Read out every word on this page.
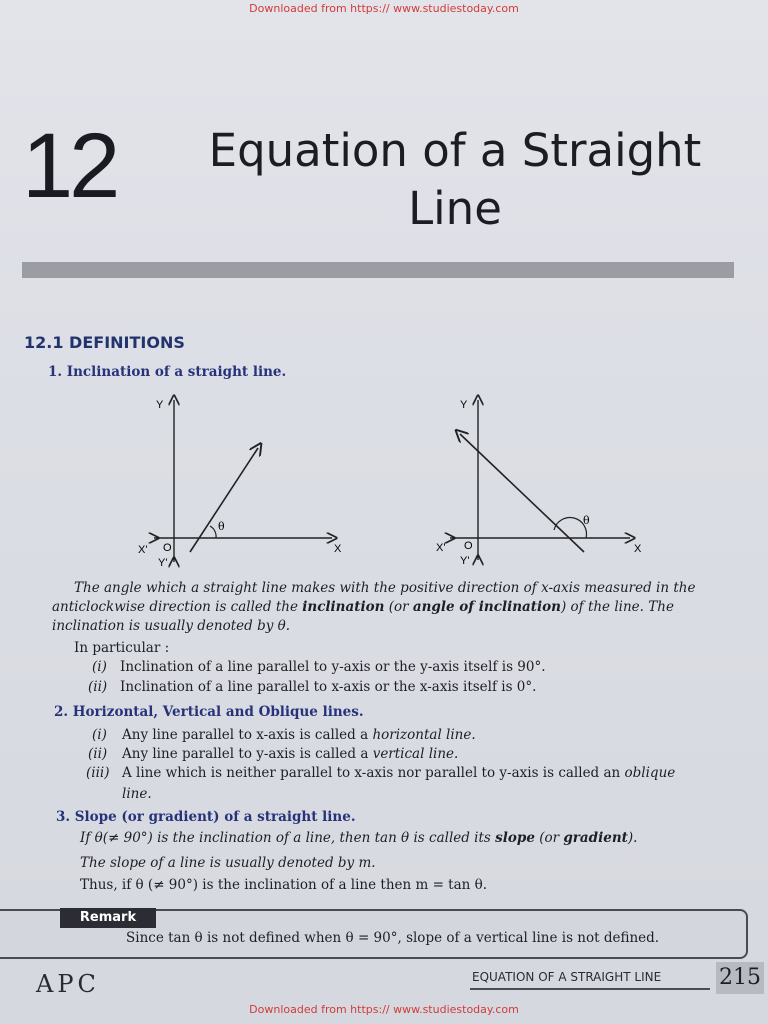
Downloaded from https:// www.studiestoday.com
12	Equation of a Straight
Line
12.1 DEFINITIONS
1. Inclination of a straight line.
Y
Y'
X
X' O
θ
Y
Y'
X
X' O
θ
The angle which a straight line makes with the positive direction of x-axis measured in the
anticlockwise direction is called the inclination (or angle of inclination) of the line. The
inclination is usually denoted by θ.
In particular :
(i) Inclination of a line parallel to y-axis or the y-axis itself is 90°.
(ii) Inclination of a line parallel to x-axis or the x-axis itself is 0°.
2. Horizontal, Vertical and Oblique lines.
(i) Any line parallel to x-axis is called a horizontal line.
(ii) Any line parallel to y-axis is called a vertical line.
(iii) A line which is neither parallel to x-axis nor parallel to y-axis is called an oblique
line.
3. Slope (or gradient) of a straight line.
If θ(≠ 90°) is the inclination of a line, then tan θ is called its slope (or gradient).
The slope of a line is usually denoted by m.
Thus, if θ (≠ 90°) is the inclination of a line then m = tan θ.
Remark
Since tan θ is not defined when θ = 90°, slope of a vertical line is not defined.
APC	EQUATION OF A STRAIGHT LINE	215
Downloaded from https:// www.studiestoday.com
